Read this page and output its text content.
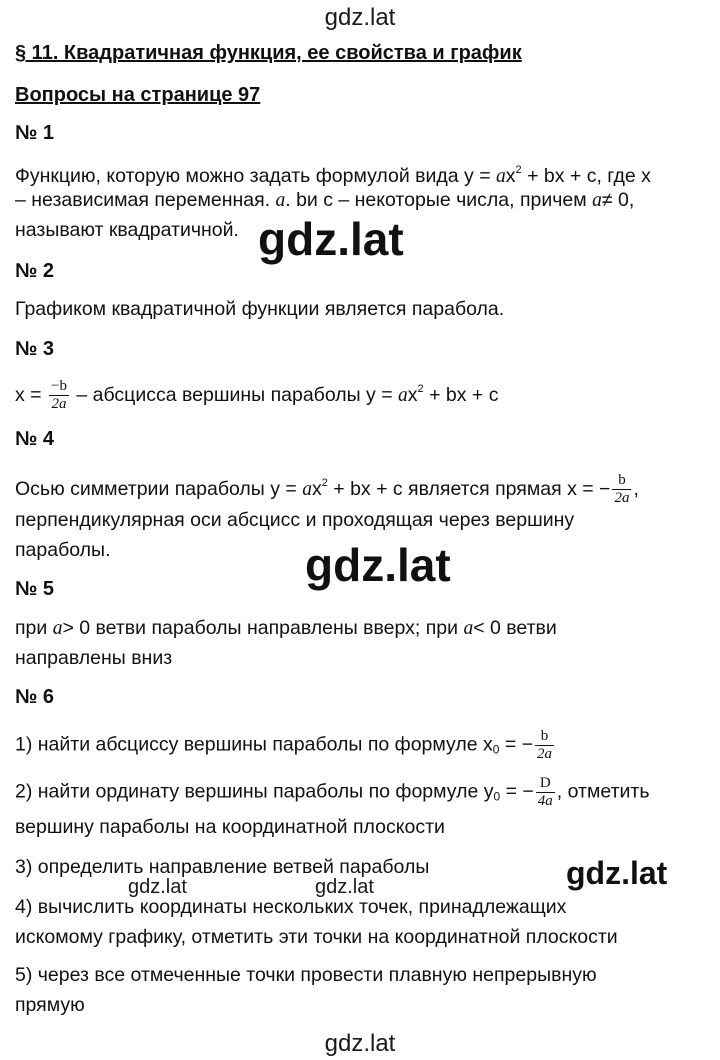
gdz.lat
§ 11. Квадратичная функция, ее свойства и график
Вопросы на странице 97
№ 1
Функцию, которую можно задать формулой вида $y = ax^2$ + bx + c, где x
– независимая переменная. a. bи c – некоторые числа, причем a≠ 0,
называют квадратичной. gdz.lat
№ 2
Графиком квадратичной функции является парабола.
№ 3
$x = \frac{-b}{2a}$ – абсцисса вершины параболы $y = ax^2$ + bx + c
№ 4
Осью симметрии параболы $y = ax^2$ + bx + c является прямая x = − $\frac{b}{2a}$ ,
перпендикулярная оси абсцисс и проходящая через вершину
параболы.	gdz.lat
№ 5
при a> 0 ветви параболы направлены вверх; при a< 0 ветви
направлены вниз
№ 6
1) найти абсциссу вершины параболы по формуле $x_0$ = − $\frac{b}{2a}$
2) найти ординату вершины параболы по формуле $y_0$ = − $\frac{D}{4a}$ , отметить
вершину параболы на координатной плоскости
3) определить направление ветвей параболы	gdz.lat
gdz.lat	gdz.lat
4) вычислить координаты нескольких точек, принадлежащих
искомому графику, отметить эти точки на координатной плоскости
5) через все отмеченные точки провести плавную непрерывную
прямую
gdz.lat
